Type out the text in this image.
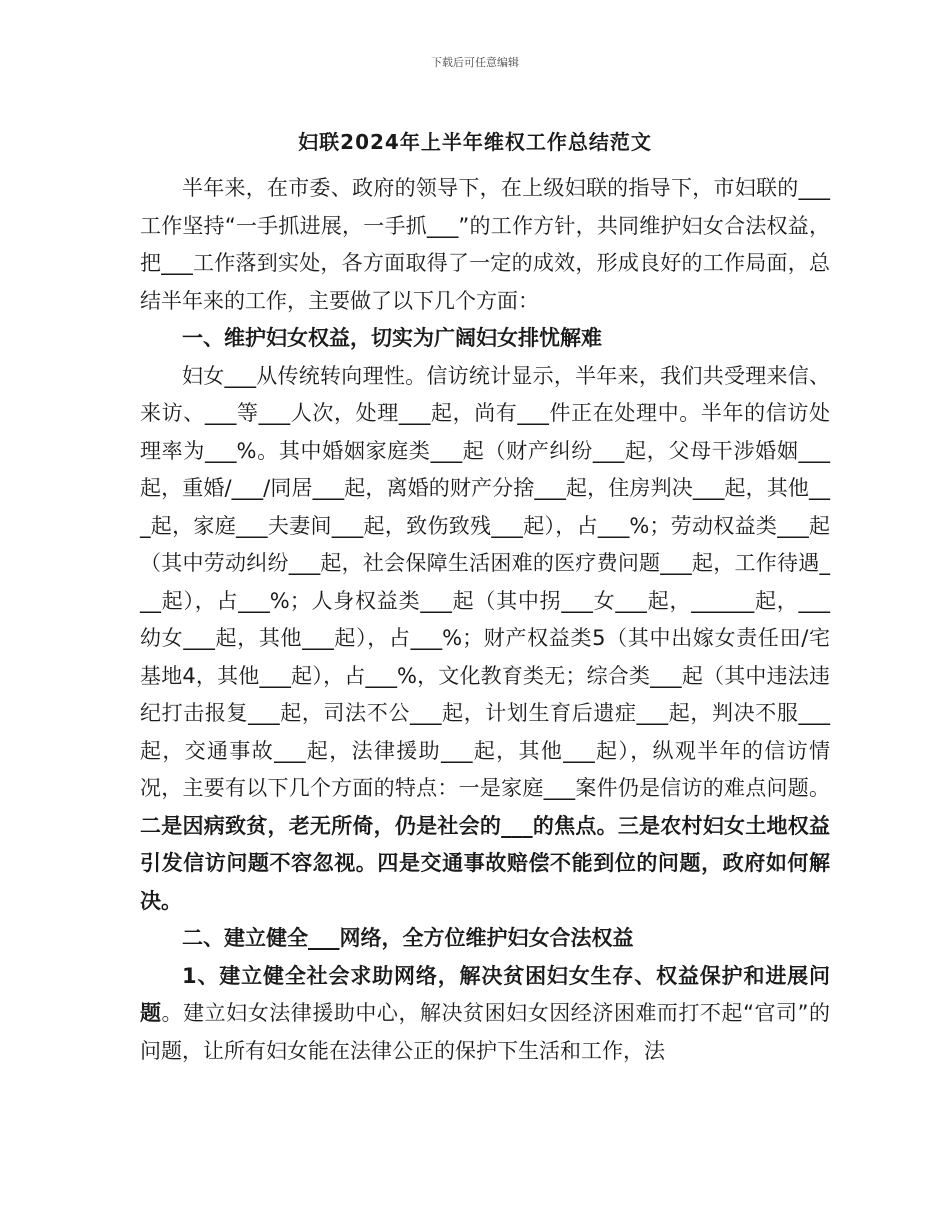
下载后可任意编辑
妇联2024年上半年维权工作总结范文

半年来，在市委、政府的领导下，在上级妇联的指导下，市妇联的___工作坚持“一手抓进展，一手抓___”的工作方针，共同维护妇女合法权益，把___工作落到实处，各方面取得了一定的成效，形成良好的工作局面，总结半年来的工作，主要做了以下几个方面：

一、维护妇女权益，切实为广阔妇女排忧解难

妇女___从传统转向理性。信访统计显示，半年来，我们共受理来信、来访、___等___人次，处理___起，尚有___件正在处理中。半年的信访处理率为___%。其中婚姻家庭类___起（财产纠纷___起，父母干涉婚姻___起，重婚/___/同居___起，离婚的财产分捨___起，住房判决___起，其他___起，家庭___夫妻间___起，致伤致残___起），占___%；劳动权益类___起（其中劳动纠纷___起，社会保障生活困难的医疗费问题___起，工作待遇___起），占___%；人身权益类___起（其中拐___女___起，______起，___幼女___起，其他___起），占___%；财产权益类5（其中出嫁女责任田/宅基地4，其他___起），占___%，文化教育类无；综合类___起（其中违法违纪打击报复___起，司法不公___起，计划生育后遗症___起，判决不服___起，交通事故___起，法律援助___起，其他___起），纵观半年的信访情况，主要有以下几个方面的特点：一是家庭___案件仍是信访的难点问题。二是因病致贫，老无所倚，仍是社会的___的焦点。三是农村妇女土地权益引发信访问题不容忽视。四是交通事故赔偿不能到位的问题，政府如何解决。

二、建立健全___网络，全方位维护妇女合法权益

1、建立健全社会求助网络，解决贫困妇女生存、权益保护和进展问题。建立妇女法律援助中心，解决贫困妇女因经济困难而打不起“官司”的问题，让所有妇女能在法律公正的保护下生活和工作，法
